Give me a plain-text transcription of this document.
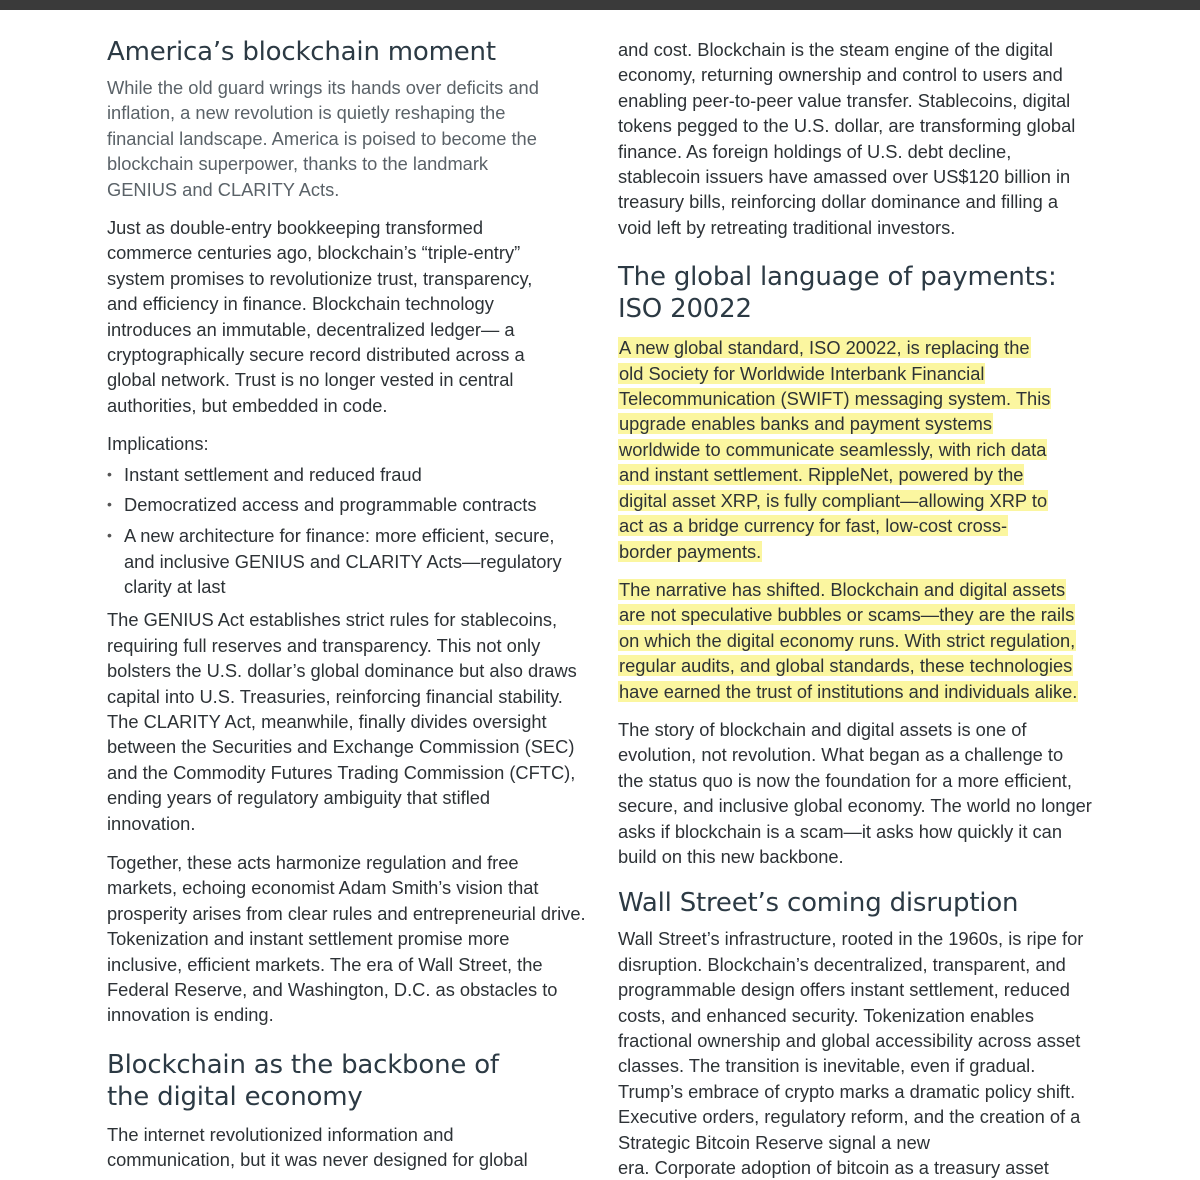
America’s blockchain moment

While the old guard wrings its hands over deficits and inflation, a new revolution is quietly reshaping the financial landscape. America is poised to become the blockchain superpower, thanks to the landmark GENIUS and CLARITY Acts.

Just as double-entry bookkeeping transformed commerce centuries ago, blockchain’s “triple-entry” system promises to revolutionize trust, transparency, and efficiency in finance. Blockchain technology introduces an immutable, decentralized ledger— a cryptographically secure record distributed across a global network. Trust is no longer vested in central authorities, but embedded in code.

Implications:

• Instant settlement and reduced fraud
• Democratized access and programmable contracts
• A new architecture for finance: more efficient, secure, and inclusive GENIUS and CLARITY Acts—regulatory clarity at last

The GENIUS Act establishes strict rules for stablecoins, requiring full reserves and transparency. This not only bolsters the U.S. dollar’s global dominance but also draws capital into U.S. Treasuries, reinforcing financial stability. The CLARITY Act, meanwhile, finally divides oversight between the Securities and Exchange Commission (SEC) and the Commodity Futures Trading Commission (CFTC), ending years of regulatory ambiguity that stifled innovation.

Together, these acts harmonize regulation and free markets, echoing economist Adam Smith’s vision that prosperity arises from clear rules and entrepreneurial drive. Tokenization and instant settlement promise more inclusive, efficient markets. The era of Wall Street, the Federal Reserve, and Washington, D.C. as obstacles to innovation is ending.

Blockchain as the backbone of the digital economy

The internet revolutionized information and

communication, but it was never designed for global

and cost. Blockchain is the steam engine of the digital economy, returning ownership and control to users and enabling peer-to-peer value transfer. Stablecoins, digital tokens pegged to the U.S. dollar, are transforming global finance. As foreign holdings of U.S. debt decline, stablecoin issuers have amassed over US$120 billion in treasury bills, reinforcing dollar dominance and filling a void left by retreating traditional investors.

The global language of payments: ISO 20022

A new global standard, ISO 20022, is replacing the old Society for Worldwide Interbank Financial Telecommunication (SWIFT) messaging system. This upgrade enables banks and payment systems worldwide to communicate seamlessly, with rich data and instant settlement. RippleNet, powered by the digital asset XRP, is fully compliant—allowing XRP to act as a bridge currency for fast, low-cost cross-border payments.

The narrative has shifted. Blockchain and digital assets are not speculative bubbles or scams—they are the rails on which the digital economy runs. With strict regulation, regular audits, and global standards, these technologies have earned the trust of institutions and individuals alike.

The story of blockchain and digital assets is one of evolution, not revolution. What began as a challenge to the status quo is now the foundation for a more efficient, secure, and inclusive global economy. The world no longer asks if blockchain is a scam—it asks how quickly it can build on this new backbone.

Wall Street’s coming disruption

Wall Street’s infrastructure, rooted in the 1960s, is ripe for disruption. Blockchain’s decentralized, transparent, and programmable design offers instant settlement, reduced costs, and enhanced security. Tokenization enables fractional ownership and global accessibility across asset classes. The transition is inevitable, even if gradual. Trump’s embrace of crypto marks a dramatic policy shift. Executive orders, regulatory reform, and the creation of a Strategic Bitcoin Reserve signal a new

era. Corporate adoption of bitcoin as a treasury asset
